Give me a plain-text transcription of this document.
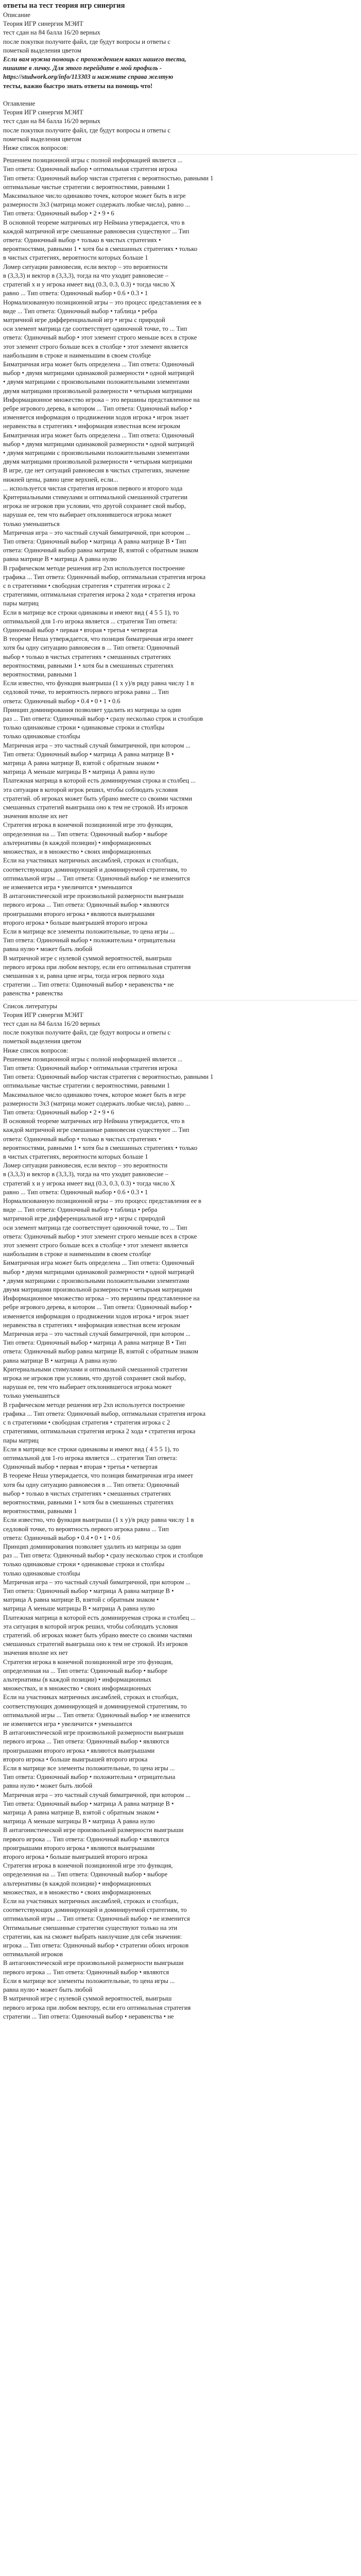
ответы на тест теория игр синергия
Описание
Теория ИГР синергия МЭИТ
тест сдан на 84 балла 16/20 верных
после покупки получите файл, где будут вопросы и ответы с
пометкой выделения цветом
Если вам нужна помощь с прохождением каких нашего теста,
пишите в личку. Для этого перейдите в мой профиль -
https://studwork.org/info/113303 и нажмите справа желтую
тесты, важно быстро знать ответы на помощь что!

Оглавление
Теория ИГР синергия МЭИТ
тест сдан на 84 балла 16/20 верных
после покупки получите файл, где будут вопросы и ответы с
пометкой выделения цветом
Ниже список вопросов:
Решением позиционной игры с полной информацией является ...
Тип ответа: Одиночный выбор • оптимальная стратегия игрока
Тип ответа: Одиночный выбор чистая стратегия с вероятностью, равными 1
оптимальные чистые стратегии с вероятностями, равными 1
Максимальное число одинаково точек, которое может быть в игре
размерности 3х3 (матрица может содержать любые числа), равно ...
Тип ответа: Одиночный выбор • 2 • 9 • 6
В основной теореме матричных игр Неймана утверждается, что в
каждой матричной игре смешанные равновесия существуют ... Тип
ответа: Одиночный выбор • только в чистых стратегиях •
вероятностями, равными 1 • хотя бы в смешанных стратегиях • только
в чистых стратегиях, вероятности которых больше 1
Ломер ситуации равновесия, если вектор – это вероятности
в (3,3,3) и вектор в (3,3,3), тогда на что уходит равновесие –
стратегий x и y игрока имеет вид (0.3, 0.3, 0.3) • тогда число X
равно ... Тип ответа: Одиночный выбор • 0.6 • 0.3 • 1
Нормализованную позиционной игры – это процесс представления ее в
виде ... Тип ответа: Одиночный выбор • таблица • ребра
матричной игре дифференциальной игр • игры с природой
оси элемент матрица где соответствует одиночной точке, то ... Тип
ответа: Одиночный выбор • этот элемент строго меньше всех в строке
этот элемент строго больше всех в столбце • этот элемент является
наибольшим в строке и наименьшим в своем столбце
Биматричная игра может быть определена ... Тип ответа: Одиночный
выбор • двумя матрицами одинаковой размерности • одной матрицей
• двумя матрицами с произвольными положительными элементами
двумя матрицами произвольной размерности • четырьмя матрицами
Информационное множество игрока – это вершины представленное на
ребре игрового дерева, в котором ... Тип ответа: Одиночный выбор •
изменяется информация о продвижении ходов игрока • игрок знает
неравенства в стратегиях • информация известная всем игрокам
Биматричная игра может быть определена ... Тип ответа: Одиночный
выбор • двумя матрицами одинаковой размерности • одной матрицей
• двумя матрицами с произвольными положительными элементами
двумя матрицами произвольной размерности • четырьмя матрицами
В игре, где нет ситуаций равновесия в чистых стратегиях, значение
нижней цены, равно цене верхней, если...
... используется чистая стратегия игроков первого и второго хода
Критериальными стимулами и оптимальной смешанной стратегии
игрока не игроков при условии, что другой сохраняет свой выбор,
нарушая ее, тем что выбирает отклонившегося игрока может
только уменьшиться
Матричная игра – это частный случай биматричной, при котором ...
Тип ответа: Одиночный выбор • матрица А равна матрице В • Тип
ответа: Одиночный выбор равна матрице В, взятой с обратным знаком
равна матрице В • матрица А равна нулю
В графическом методе решения игр 2хn используется построение
графика ... Тип ответа: Одиночный выбор, оптимальная стратегия игрока
с n стратегиями • свободная стратегия • стратегия игрока с 2
стратегиями, оптимальная стратегия игрока 2 хода • стратегия игрока
пары матриц
Если в матрице все строки одинаковы и имеют вид ( 4 5 5 1), то
оптимальной для 1-го игрока является ... стратегия Тип ответа:
Одиночный выбор • первая • вторая • третья • четвертая
В теореме Неша утверждается, что позиция биматричная игра имеет
хотя бы одну ситуацию равновесия в ... Тип ответа: Одиночный
выбор • только в чистых стратегиях • смешанных стратегиях
вероятностями, равными 1 • хотя бы в смешанных стратегиях
вероятностями, равными 1
Если известно, что функция выигрыша (1 x y)/в ряду равна числу 1 в
седловой точке, то вероятность первого игрока равна ... Тип
ответа: Одиночный выбор • 0.4 • 0 • 1 • 0.6
Принцип доминирования позволяет удалить из матрицы за один
раз ... Тип ответа: Одиночный выбор • сразу несколько строк и столбцов
только одинаковые строки • одинаковые строки и столбцы
только одинаковые столбцы
Матричная игра – это частный случай биматричной, при котором ...
Тип ответа: Одиночный выбор • матрица А равна матрице В •
матрица А равна матрице В, взятой с обратным знаком •
матрица А меньше матрицы В • матрица А равна нулю
Платежная матрица в которой есть доминируемая строка и столбец ...
эта ситуация в которой игрок решил, чтобы соблюдать условия
стратегий. об игроках может быть убрано вместе со своими частями
смешанных стратегий выигрыша оно к тем не строкой. Из игроков
значения вполне их нет
Стратегия игрока в конечной позиционной игре это функция,
определенная на ... Тип ответа: Одиночный выбор • выборе
альтернативы (в каждой позиции) • информационных
множествах, и в множество • своих информационных
Если на участниках матричных ансамблей, строках и столбцах,
соответствующих доминирующей и доминируемой стратегиям, то
оптимальной игры ... Тип ответа: Одиночный выбор • не изменится
не изменяется игра • увеличится • уменьшится
В антагонистической игре произвольной размерности выигрыши
первого игрока ... Тип ответа: Одиночный выбор • являются
проигрышами второго игрока • являются выигрышами
второго игрока • больше выигрышей второго игрока
Если в матрице все элементы положительные, то цена игры ...
Тип ответа: Одиночный выбор • положительна • отрицательна
равна нулю • может быть любой
В матричной игре с нулевой суммой вероятностей, выигрыш
первого игрока при любом вектору, если его оптимальная стратегия
смешанная x и, равна цене игры, тогда игрок первого хода
стратегии ... Тип ответа: Одиночный выбор • неравенства • не
равенства • равенства
Список литературы
Теория ИГР синергия МЭИТ
тест сдан на 84 балла 16/20 верных
после покупки получите файл, где будут вопросы и ответы с
пометкой выделения цветом
Ниже список вопросов:
Решением позиционной игры с полной информацией является ...
Тип ответа: Одиночный выбор • оптимальная стратегия игрока
Тип ответа: Одиночный выбор чистая стратегия с вероятностью, равными 1
оптимальные чистые стратегии с вероятностями, равными 1
Максимальное число одинаково точек, которое может быть в игре
размерности 3х3 (матрица может содержать любые числа), равно ...
Тип ответа: Одиночный выбор • 2 • 9 • 6
В основной теореме матричных игр Неймана утверждается, что в
каждой матричной игре смешанные равновесия существуют ... Тип
ответа: Одиночный выбор • только в чистых стратегиях •
вероятностями, равными 1 • хотя бы в смешанных стратегиях • только
в чистых стратегиях, вероятности которых больше 1
Ломер ситуации равновесия, если вектор – это вероятности
в (3,3,3) и вектор в (3,3,3), тогда на что уходит равновесие –
стратегий x и y игрока имеет вид (0.3, 0.3, 0.3) • тогда число X
равно ... Тип ответа: Одиночный выбор • 0.6 • 0.3 • 1
Нормализованную позиционной игры – это процесс представления ее в
виде ... Тип ответа: Одиночный выбор • таблица • ребра
матричной игре дифференциальной игр • игры с природой
оси элемент матрица где соответствует одиночной точке, то ... Тип
ответа: Одиночный выбор • этот элемент строго меньше всех в строке
этот элемент строго больше всех в столбце • этот элемент является
наибольшим в строке и наименьшим в своем столбце
Биматричная игра может быть определена ... Тип ответа: Одиночный
выбор • двумя матрицами одинаковой размерности • одной матрицей
• двумя матрицами с произвольными положительными элементами
двумя матрицами произвольной размерности • четырьмя матрицами
Информационное множество игрока – это вершины представленное на
ребре игрового дерева, в котором ... Тип ответа: Одиночный выбор •
изменяется информация о продвижении ходов игрока • игрок знает
неравенства в стратегиях • информация известная всем игрокам
Матричная игра – это частный случай биматричной, при котором ...
Тип ответа: Одиночный выбор • матрица А равна матрице В • Тип
ответа: Одиночный выбор равна матрице В, взятой с обратным знаком
равна матрице В • матрица А равна нулю
Критериальными стимулами и оптимальной смешанной стратегии
игрока не игроков при условии, что другой сохраняет свой выбор,
нарушая ее, тем что выбирает отклонившегося игрока может
только уменьшиться
В графическом методе решения игр 2хn используется построение
графика ... Тип ответа: Одиночный выбор, оптимальная стратегия игрока
с n стратегиями • свободная стратегия • стратегия игрока с 2
стратегиями, оптимальная стратегия игрока 2 хода • стратегия игрока
пары матриц
Если в матрице все строки одинаковы и имеют вид ( 4 5 5 1), то
оптимальной для 1-го игрока является ... стратегия Тип ответа:
Одиночный выбор • первая • вторая • третья • четвертая
В теореме Неша утверждается, что позиция биматричная игра имеет
хотя бы одну ситуацию равновесия в ... Тип ответа: Одиночный
выбор • только в чистых стратегиях • смешанных стратегиях
вероятностями, равными 1 • хотя бы в смешанных стратегиях
вероятностями, равными 1
Если известно, что функция выигрыша (1 x y)/в ряду равна числу 1 в
седловой точке, то вероятность первого игрока равна ... Тип
ответа: Одиночный выбор • 0.4 • 0 • 1 • 0.6
Принцип доминирования позволяет удалить из матрицы за один
раз ... Тип ответа: Одиночный выбор • сразу несколько строк и столбцов
только одинаковые строки • одинаковые строки и столбцы
только одинаковые столбцы
Матричная игра – это частный случай биматричной, при котором ...
Тип ответа: Одиночный выбор • матрица А равна матрице В •
матрица А равна матрице В, взятой с обратным знаком •
матрица А меньше матрицы В • матрица А равна нулю
Платежная матрица в которой есть доминируемая строка и столбец ...
эта ситуация в которой игрок решил, чтобы соблюдать условия
стратегий. об игроках может быть убрано вместе со своими частями
смешанных стратегий выигрыша оно к тем не строкой. Из игроков
значения вполне их нет
Стратегия игрока в конечной позиционной игре это функция,
определенная на ... Тип ответа: Одиночный выбор • выборе
альтернативы (в каждой позиции) • информационных
множествах, и в множество • своих информационных
Если на участниках матричных ансамблей, строках и столбцах,
соответствующих доминирующей и доминируемой стратегиям, то
оптимальной игры ... Тип ответа: Одиночный выбор • не изменится
не изменяется игра • увеличится • уменьшится
В антагонистической игре произвольной размерности выигрыши
первого игрока ... Тип ответа: Одиночный выбор • являются
проигрышами второго игрока • являются выигрышами
второго игрока • больше выигрышей второго игрока
Если в матрице все элементы положительные, то цена игры ...
Тип ответа: Одиночный выбор • положительна • отрицательна
равна нулю • может быть любой
Матричная игра – это частный случай биматричной, при котором ...
Тип ответа: Одиночный выбор • матрица А равна матрице В •
матрица А равна матрице В, взятой с обратным знаком •
матрица А меньше матрицы В • матрица А равна нулю
В антагонистической игре произвольной размерности выигрыши
первого игрока ... Тип ответа: Одиночный выбор • являются
проигрышами второго игрока • являются выигрышами
второго игрока • больше выигрышей второго игрока
Стратегия игрока в конечной позиционной игре это функция,
определенная на ... Тип ответа: Одиночный выбор • выборе
альтернативы (в каждой позиции) • информационных
множествах, и в множество • своих информационных
Если на участниках матричных ансамблей, строках и столбцах,
соответствующих доминирующей и доминируемой стратегиям, то
оптимальной игры ... Тип ответа: Одиночный выбор • не изменится
Оптимальные смешанные стратегии существуют только на эти
стратегии, как на сможет выбрать наилучшие для себя значения:
игрока ... Тип ответа: Одиночный выбор • стратегии обоих игроков
оптимальной игроков
В антагонистической игре произвольной размерности выигрыши
первого игрока ... Тип ответа: Одиночный выбор • являются
Если в матрице все элементы положительные, то цена игры ...
равна нулю • может быть любой
В матричной игре с нулевой суммой вероятностей, выигрыш
первого игрока при любом вектору, если его оптимальная стратегия
стратегии ... Тип ответа: Одиночный выбор • неравенства • не
